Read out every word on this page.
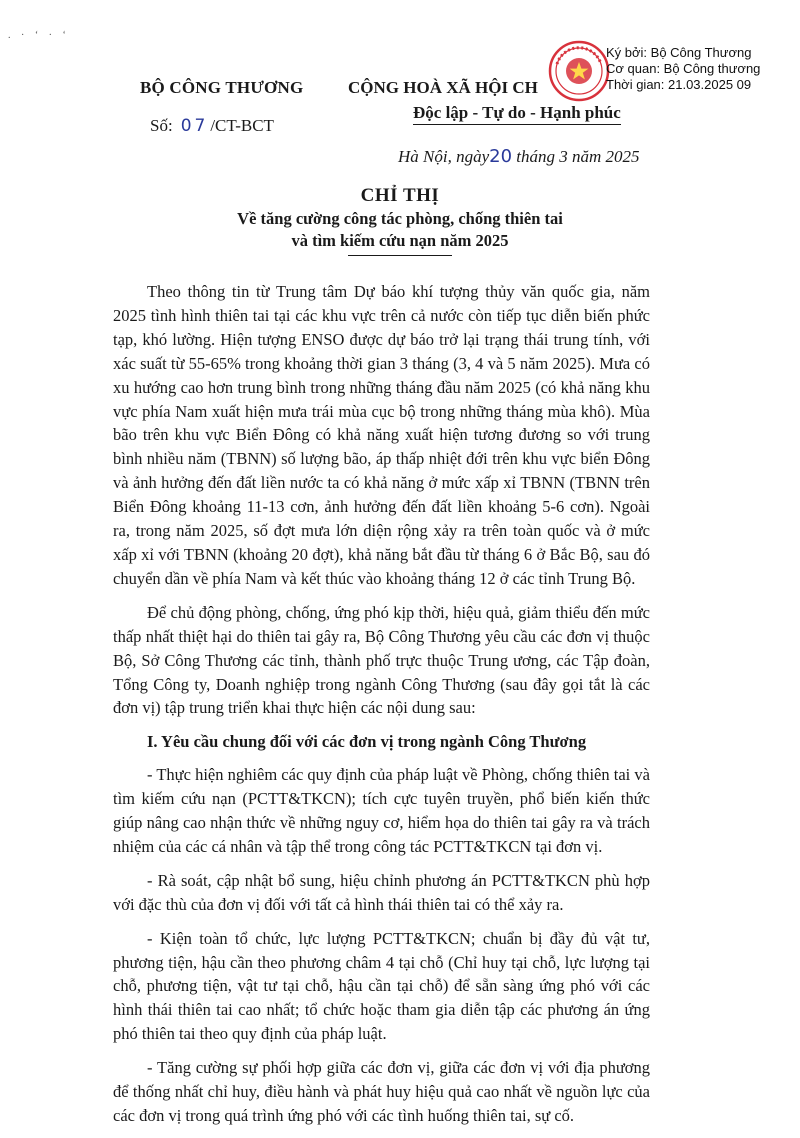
. · ‘ · ‘
BỘ CÔNG THƯƠNG
Số: 07 /CT-BCT
CỘNG HOÀ XÃ HỘI CH
Độc lập - Tự do - Hạnh phúc
Ký bởi: Bộ Công Thương
Cơ quan: Bộ Công thương
Thời gian: 21.03.2025 09
Hà Nội, ngày20 tháng 3 năm 2025
CHỈ THỊ
Về tăng cường công tác phòng, chống thiên tai
và tìm kiếm cứu nạn năm 2025

Theo thông tin từ Trung tâm Dự báo khí tượng thủy văn quốc gia, năm 2025 tình hình thiên tai tại các khu vực trên cả nước còn tiếp tục diễn biến phức tạp, khó lường. Hiện tượng ENSO được dự báo trở lại trạng thái trung tính, với xác suất từ 55-65% trong khoảng thời gian 3 tháng (3, 4 và 5 năm 2025). Mưa có xu hướng cao hơn trung bình trong những tháng đầu năm 2025 (có khả năng khu vực phía Nam xuất hiện mưa trái mùa cục bộ trong những tháng mùa khô). Mùa bão trên khu vực Biển Đông có khả năng xuất hiện tương đương so với trung bình nhiều năm (TBNN) số lượng bão, áp thấp nhiệt đới trên khu vực biển Đông và ảnh hưởng đến đất liền nước ta có khả năng ở mức xấp xỉ TBNN (TBNN trên Biển Đông khoảng 11-13 cơn, ảnh hưởng đến đất liền khoảng 5-6 cơn). Ngoài ra, trong năm 2025, số đợt mưa lớn diện rộng xảy ra trên toàn quốc và ở mức xấp xỉ với TBNN (khoảng 20 đợt), khả năng bắt đầu từ tháng 6 ở Bắc Bộ, sau đó chuyển dần về phía Nam và kết thúc vào khoảng tháng 12 ở các tỉnh Trung Bộ.

Để chủ động phòng, chống, ứng phó kịp thời, hiệu quả, giảm thiểu đến mức thấp nhất thiệt hại do thiên tai gây ra, Bộ Công Thương yêu cầu các đơn vị thuộc Bộ, Sở Công Thương các tỉnh, thành phố trực thuộc Trung ương, các Tập đoàn, Tổng Công ty, Doanh nghiệp trong ngành Công Thương (sau đây gọi tắt là các đơn vị) tập trung triển khai thực hiện các nội dung sau:

I. Yêu cầu chung đối với các đơn vị trong ngành Công Thương

- Thực hiện nghiêm các quy định của pháp luật về Phòng, chống thiên tai và tìm kiếm cứu nạn (PCTT&TKCN); tích cực tuyên truyền, phổ biến kiến thức giúp nâng cao nhận thức về những nguy cơ, hiểm họa do thiên tai gây ra và trách nhiệm của các cá nhân và tập thể trong công tác PCTT&TKCN tại đơn vị.

- Rà soát, cập nhật bổ sung, hiệu chỉnh phương án PCTT&TKCN phù hợp với đặc thù của đơn vị đối với tất cả hình thái thiên tai có thể xảy ra.

- Kiện toàn tổ chức, lực lượng PCTT&TKCN; chuẩn bị đầy đủ vật tư, phương tiện, hậu cần theo phương châm 4 tại chỗ (Chỉ huy tại chỗ, lực lượng tại chỗ, phương tiện, vật tư tại chỗ, hậu cần tại chỗ) để sẵn sàng ứng phó với các hình thái thiên tai cao nhất; tổ chức hoặc tham gia diễn tập các phương án ứng phó thiên tai theo quy định của pháp luật.

- Tăng cường sự phối hợp giữa các đơn vị, giữa các đơn vị với địa phương để thống nhất chỉ huy, điều hành và phát huy hiệu quả cao nhất về nguồn lực của các đơn vị trong quá trình ứng phó với các tình huống thiên tai, sự cố.
